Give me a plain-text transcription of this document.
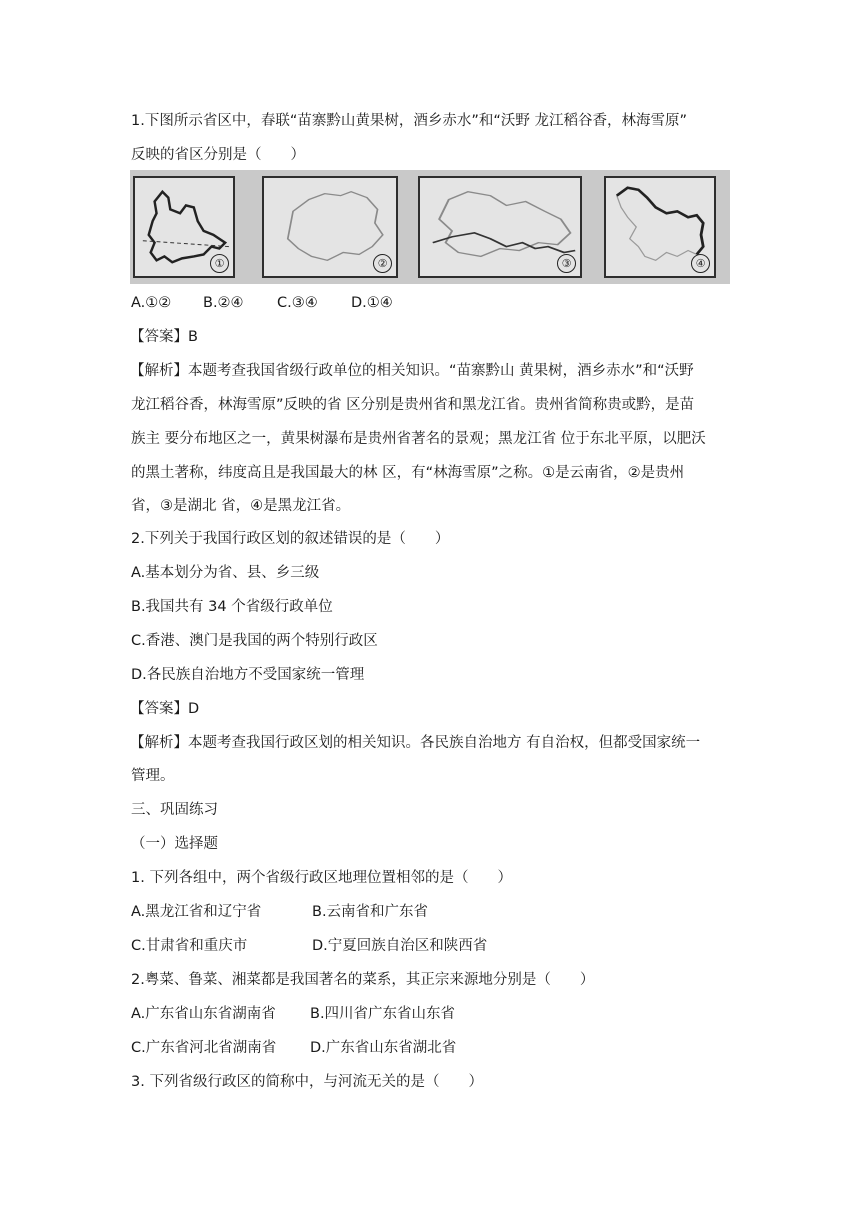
1.下图所示省区中，春联“苗寨黔山黄果树，酒乡赤水”和“沃野 龙江稻谷香，林海雪原”
反映的省区分别是（　　）
①	②	③	④
A.①② B.②④ C.③④ D.①④
【答案】B
【解析】本题考查我国省级行政单位的相关知识。“苗寨黔山 黄果树，酒乡赤水”和“沃野
龙江稻谷香，林海雪原”反映的省 区分别是贵州省和黑龙江省。贵州省简称贵或黔，是苗
族主 要分布地区之一，黄果树瀑布是贵州省著名的景观；黑龙江省 位于东北平原，以肥沃
的黑土著称，纬度高且是我国最大的林 区，有“林海雪原”之称。①是云南省，②是贵州
省，③是湖北 省，④是黑龙江省。
2.下列关于我国行政区划的叙述错误的是（　　）
A.基本划分为省、县、乡三级
B.我国共有 34 个省级行政单位
C.香港、澳门是我国的两个特别行政区
D.各民族自治地方不受国家统一管理
【答案】D
【解析】本题考查我国行政区划的相关知识。各民族自治地方 有自治权，但都受国家统一
管理。
三、巩固练习
（一）选择题
1. 下列各组中，两个省级行政区地理位置相邻的是（　　）
A.黑龙江省和辽宁省	B.云南省和广东省
C.甘肃省和重庆市	D.宁夏回族自治区和陕西省
2.粤菜、鲁菜、湘菜都是我国著名的菜系，其正宗来源地分别是（　　）
A.广东省山东省湖南省 B.四川省广东省山东省
C.广东省河北省湖南省 D.广东省山东省湖北省
3. 下列省级行政区的简称中，与河流无关的是（　　）
